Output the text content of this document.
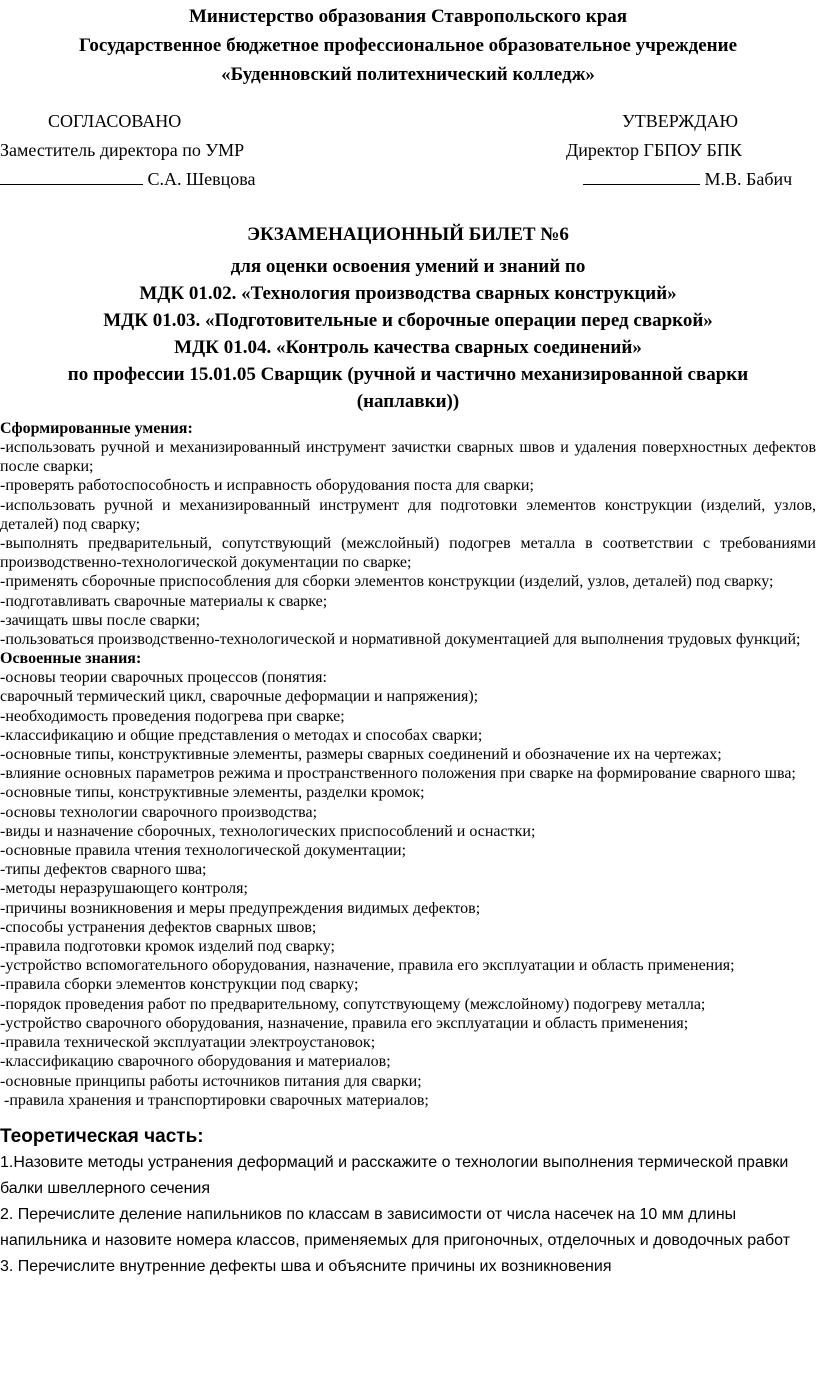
Министерство образования Ставропольского края
Государственное бюджетное профессиональное образовательное учреждение
«Буденновский политехнический колледж»
СОГЛАСОВАНО
Заместитель директора по УМР
С.А. Шевцова
УТВЕРЖДАЮ
Директор ГБПОУ БПК
М.В. Бабич
ЭКЗАМЕНАЦИОННЫЙ БИЛЕТ №6
для оценки освоения умений и знаний по
МДК 01.02. «Технология производства сварных конструкций»
МДК 01.03. «Подготовительные и сборочные операции перед сваркой»
МДК 01.04. «Контроль качества сварных соединений»
по профессии 15.01.05 Сварщик (ручной и частично механизированной сварки (наплавки))
Сформированные умения:

-использовать ручной и механизированный инструмент зачистки сварных швов и удаления поверхностных дефектов после сварки;

-проверять работоспособность и исправность оборудования поста для сварки;

-использовать ручной и механизированный инструмент для подготовки элементов конструкции (изделий, узлов, деталей) под сварку;

-выполнять предварительный, сопутствующий (межслойный) подогрев металла в соответствии с требованиями производственно-технологической документации по сварке;

-применять сборочные приспособления для сборки элементов конструкции (изделий, узлов, деталей) под сварку;

-подготавливать сварочные материалы к сварке;

-зачищать швы после сварки;

-пользоваться производственно-технологической и нормативной документацией для выполнения трудовых функций;

Освоенные знания:

-основы теории сварочных процессов (понятия:

сварочный термический цикл, сварочные деформации и напряжения);

-необходимость проведения подогрева при сварке;

-классификацию и общие представления о методах и способах сварки;

-основные типы, конструктивные элементы, размеры сварных соединений и обозначение их на чертежах;

-влияние основных параметров режима и пространственного положения при сварке на формирование сварного шва;

-основные типы, конструктивные элементы, разделки кромок;

-основы технологии сварочного производства;

-виды и назначение сборочных, технологических приспособлений и оснастки;

-основные правила чтения технологической документации;

-типы дефектов сварного шва;

-методы неразрушающего контроля;

-причины возникновения и меры предупреждения видимых дефектов;

-способы устранения дефектов сварных швов;

-правила подготовки кромок изделий под сварку;

-устройство вспомогательного оборудования, назначение, правила его эксплуатации и область применения;

-правила сборки элементов конструкции под сварку;

-порядок проведения работ по предварительному, сопутствующему (межслойному) подогреву металла;

-устройство сварочного оборудования, назначение, правила его эксплуатации и область применения;

-правила технической эксплуатации электроустановок;

-классификацию сварочного оборудования и материалов;

-основные принципы работы источников питания для сварки;

-правила хранения и транспортировки сварочных материалов;

Теоретическая часть:

1.Назовите методы устранения деформаций и расскажите о технологии выполнения термической правки балки швеллерного сечения

2. Перечислите деление напильников по классам в зависимости от числа насечек на 10 мм длины напильника и назовите номера классов, применяемых для пригоночных, отделочных и доводочных работ

3. Перечислите внутренние дефекты шва и объясните причины их возникновения
